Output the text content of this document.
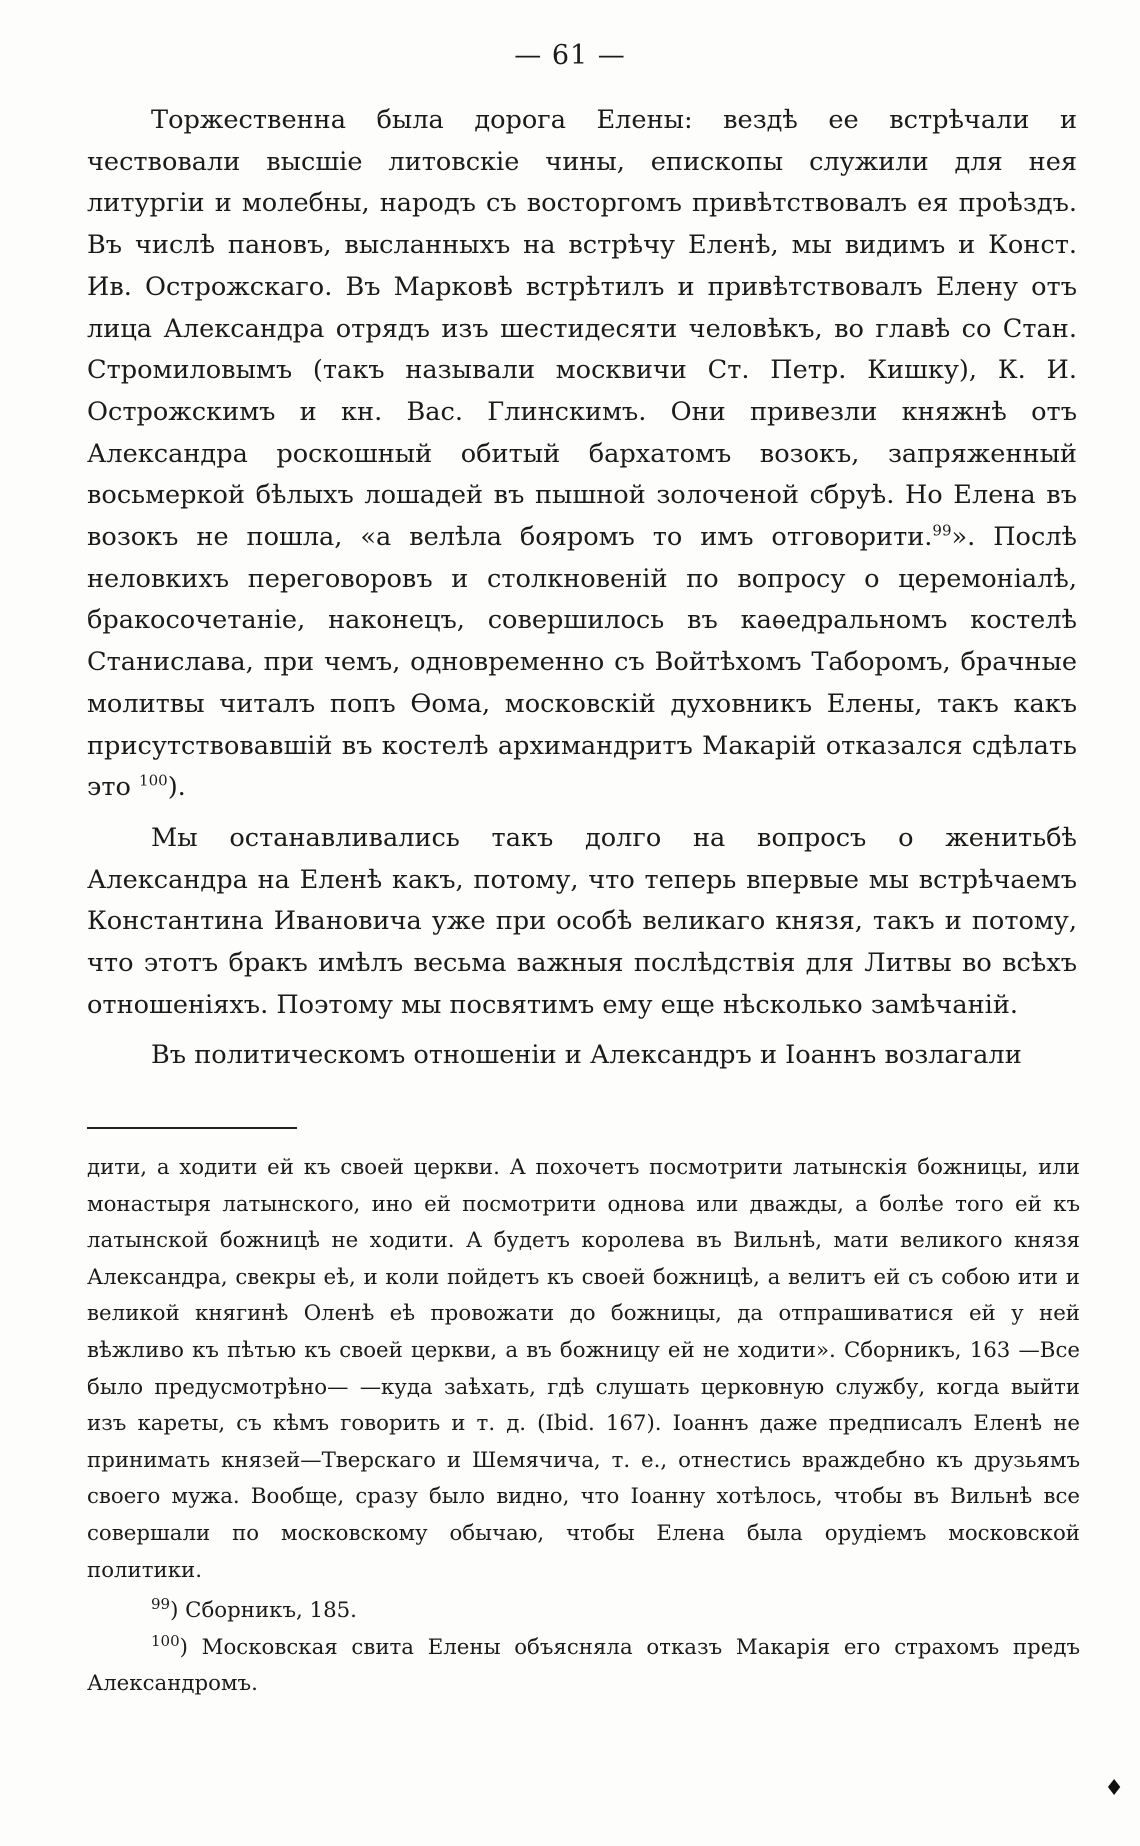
— 61 —

Торжественна была дорога Елены: вездѣ ее встрѣчали и чествовали высшіе литовскіе чины, епископы служили для нея литургіи и молебны, народъ съ восторгомъ привѣтствовалъ ея проѣздъ. Въ числѣ пановъ, высланныхъ на встрѣчу Еленѣ, мы видимъ и Конст. Ив. Острожскаго. Въ Марковѣ встрѣтилъ и привѣтствовалъ Елену отъ лица Александра отрядъ изъ шестидесяти человѣкъ, во главѣ со Стан. Стромиловымъ (такъ называли москвичи Ст. Петр. Кишку), К. И. Острожскимъ и кн. Вас. Глинскимъ. Они привезли княжнѣ отъ Александра роскошный обитый бархатомъ возокъ, запряженный восьмеркой бѣлыхъ лошадей въ пышной золоченой сбруѣ. Но Елена въ возокъ не пошла, «а велѣла бояромъ то имъ отговорити.$^{99}$». Послѣ неловкихъ переговоровъ и столкновеній по вопросу о церемоніалѣ, бракосочетаніе, наконецъ, совершилось въ каѳедральномъ костелѣ Станислава, при чемъ, одновременно съ Войтѣхомъ Таборомъ, брачные молитвы читалъ попъ Ѳома, московскій духовникъ Елены, такъ какъ присутствовавшій въ костелѣ архимандритъ Макарій отказался сдѣлать это $^{100}$).

Мы останавливались такъ долго на вопросъ о женитьбѣ Александра на Еленѣ какъ, потому, что теперь впервые мы встрѣчаемъ Константина Ивановича уже при особѣ великаго князя, такъ и потому, что этотъ бракъ имѣлъ весьма важныя послѣдствія для Литвы во всѣхъ отношеніяхъ. Поэтому мы посвятимъ ему еще нѣсколько замѣчаній.

Въ политическомъ отношеніи и Александръ и Іоаннъ возлагали

дити, а ходити ей къ своей церкви. А похочетъ посмотрити латынскія божницы, или монастыря латынского, ино ей посмотрити однова или дважды, а болѣе того ей къ латынской божницѣ не ходити. А будетъ королева въ Вильнѣ, мати великого князя Александра, свекры еѣ, и коли пойдетъ къ своей божницѣ, а велитъ ей съ собою ити и великой княгинѣ Оленѣ еѣ провожати до божницы, да отпрашиватися ей у ней вѣжливо къ пѣтью къ своей церкви, а въ божницу ей не ходити». Сборникъ, 163 —Все было предусмотрѣно— —куда заѣхать, гдѣ слушать церковную службу, когда выйти изъ кареты, съ кѣмъ говорить и т. д. (Ibid. 167). Іоаннъ даже предписалъ Еленѣ не принимать князей—Тверскаго и Шемячича, т. е., отнестись враждебно къ друзьямъ своего мужа. Вообще, сразу было видно, что Іоанну хотѣлось, чтобы въ Вильнѣ все совершали по московскому обычаю, чтобы Елена была орудіемъ московской политики.

$^{99}$) Сборникъ, 185.

$^{100}$) Московская свита Елены объясняла отказъ Макарія его страхомъ предъ Александромъ.

♦
